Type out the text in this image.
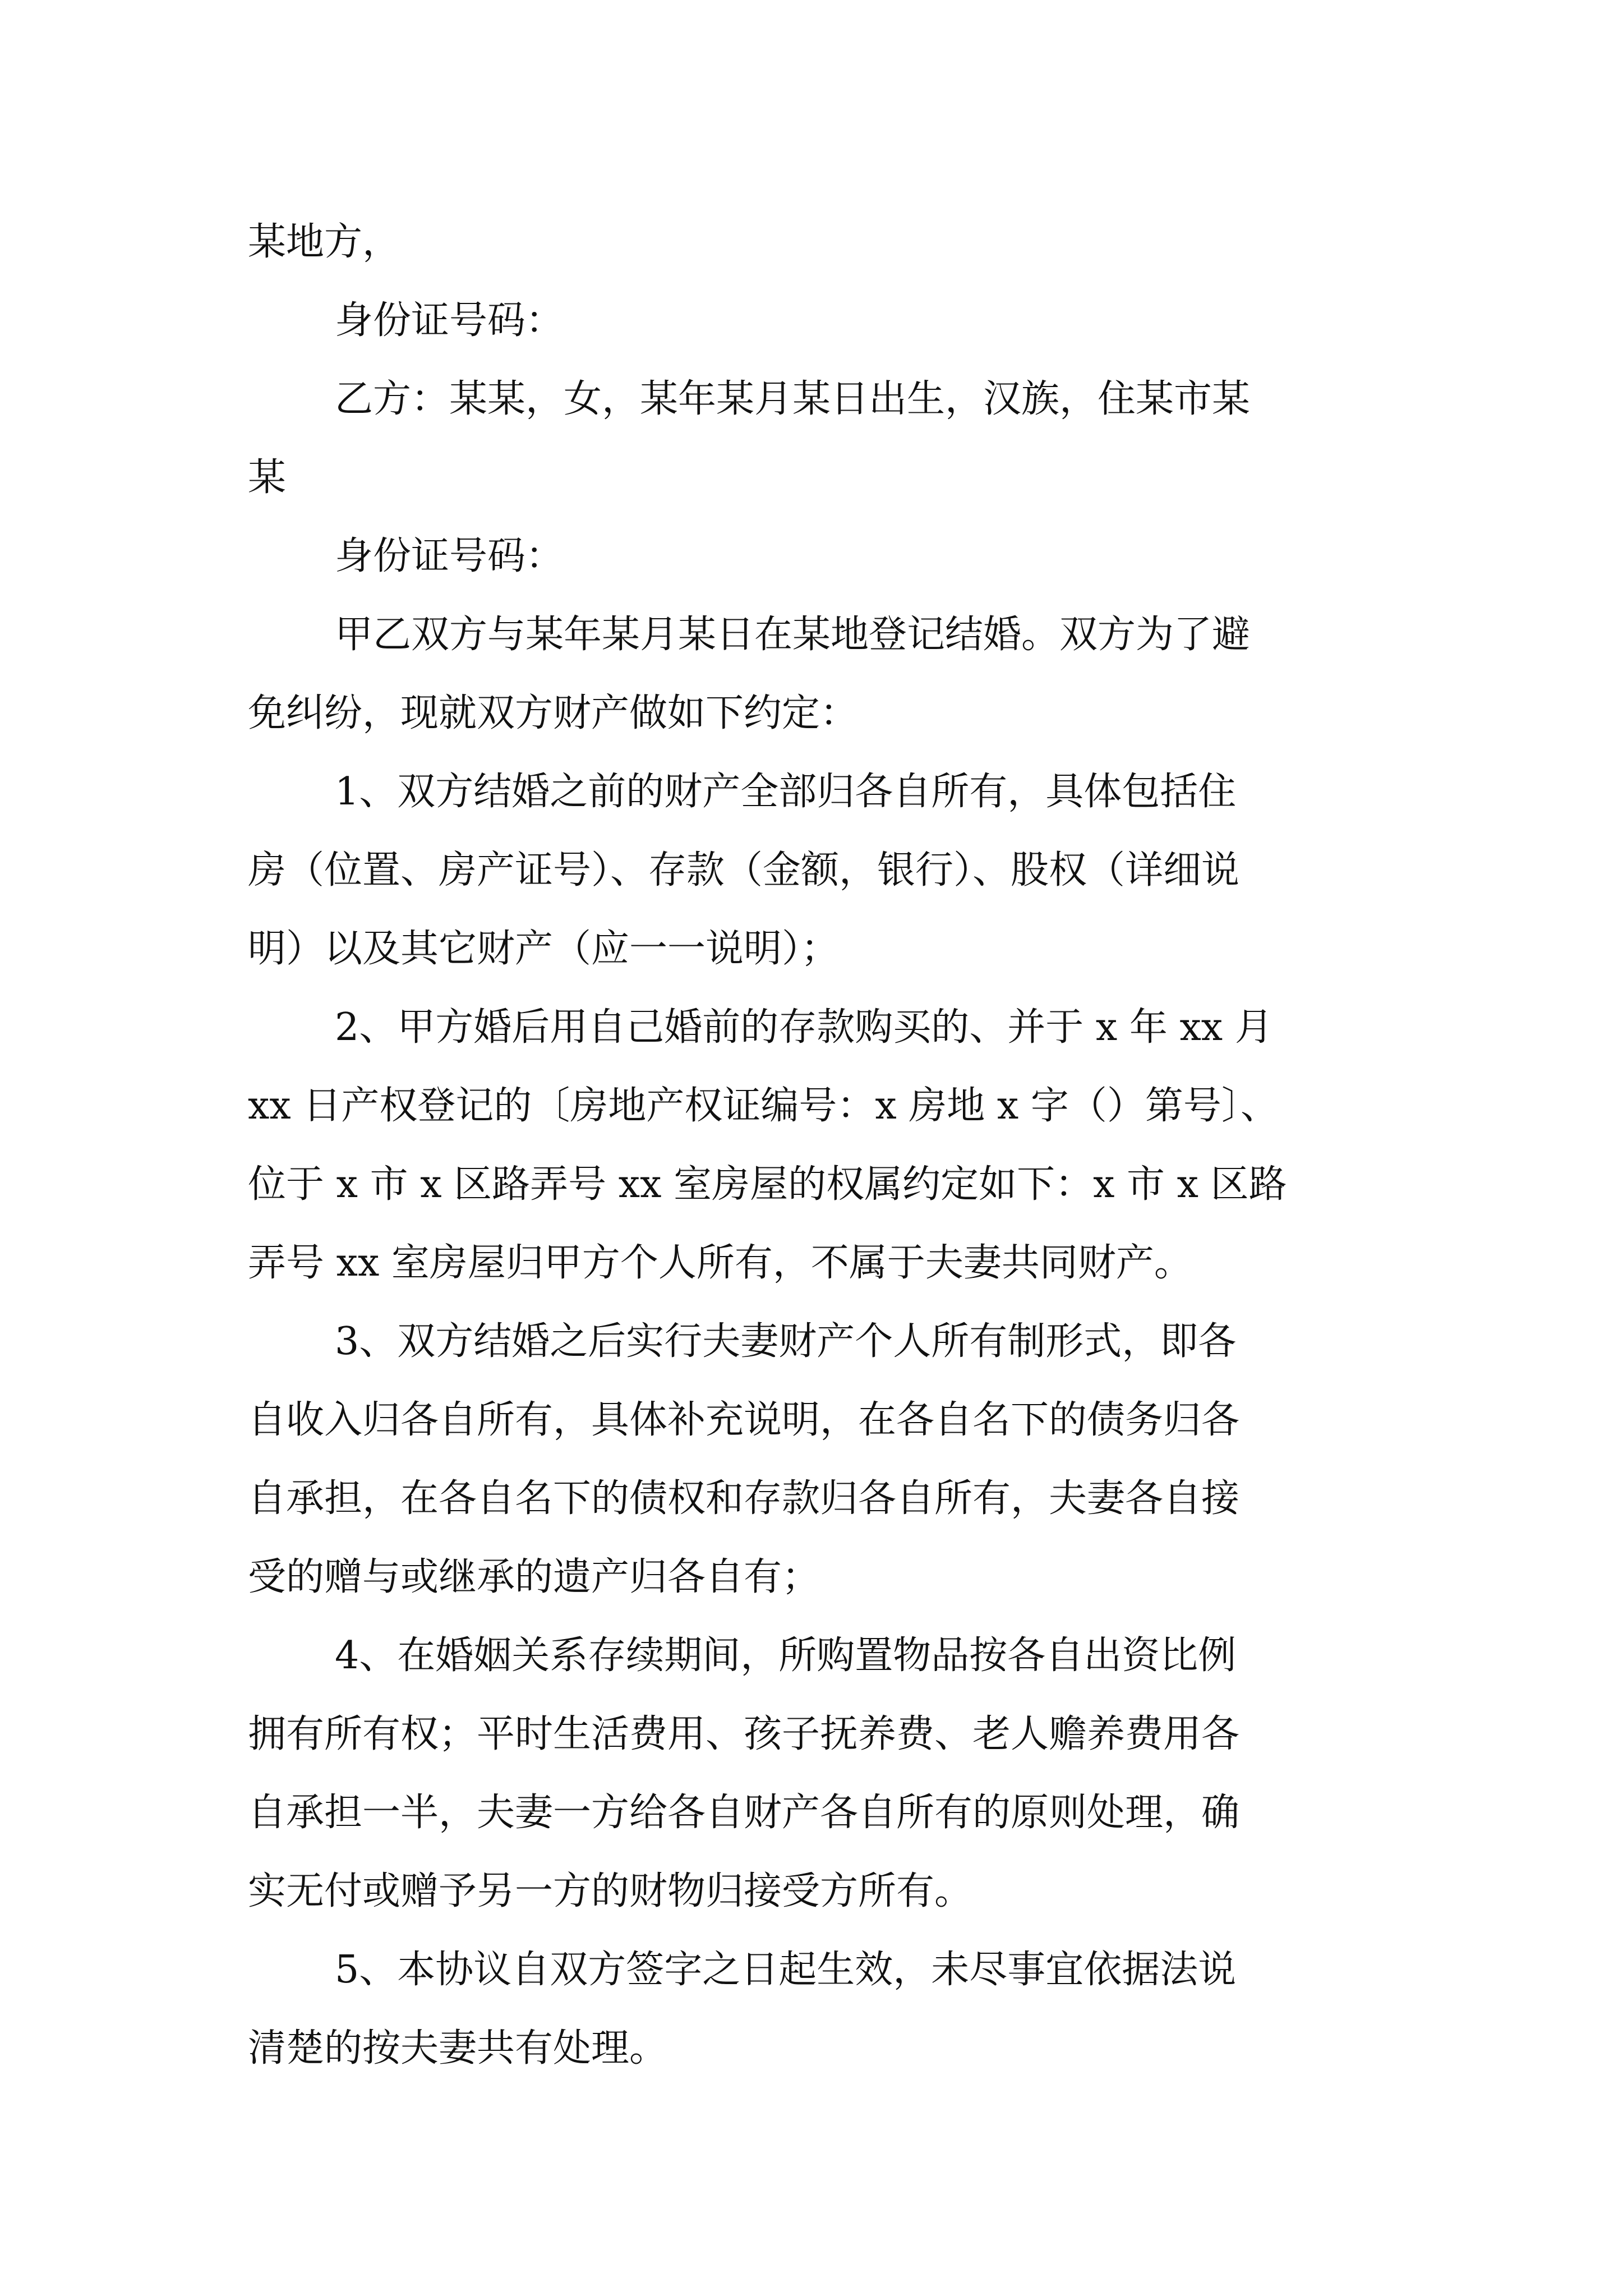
某地方，

身份证号码：

乙方：某某，女，某年某月某日出生，汉族，住某市某

某

身份证号码：

甲乙双方与某年某月某日在某地登记结婚。双方为了避

免纠纷，现就双方财产做如下约定：

1、双方结婚之前的财产全部归各自所有，具体包括住

房（位置、房产证号）、存款（金额，银行）、股权（详细说

明）以及其它财产（应一一说明）；

2、甲方婚后用自己婚前的存款购买的、并于 x 年 xx 月

xx 日产权登记的〔房地产权证编号：x 房地 x 字（）第号〕、

位于 x 市 x 区路弄号 xx 室房屋的权属约定如下：x 市 x 区路

弄号 xx 室房屋归甲方个人所有，不属于夫妻共同财产。

3、双方结婚之后实行夫妻财产个人所有制形式，即各

自收入归各自所有，具体补充说明，在各自名下的债务归各

自承担，在各自名下的债权和存款归各自所有，夫妻各自接

受的赠与或继承的遗产归各自有；

4、在婚姻关系存续期间，所购置物品按各自出资比例

拥有所有权；平时生活费用、孩子抚养费、老人赡养费用各

自承担一半，夫妻一方给各自财产各自所有的原则处理，确

实无付或赠予另一方的财物归接受方所有。

5、本协议自双方签字之日起生效，未尽事宜依据法说

清楚的按夫妻共有处理。
